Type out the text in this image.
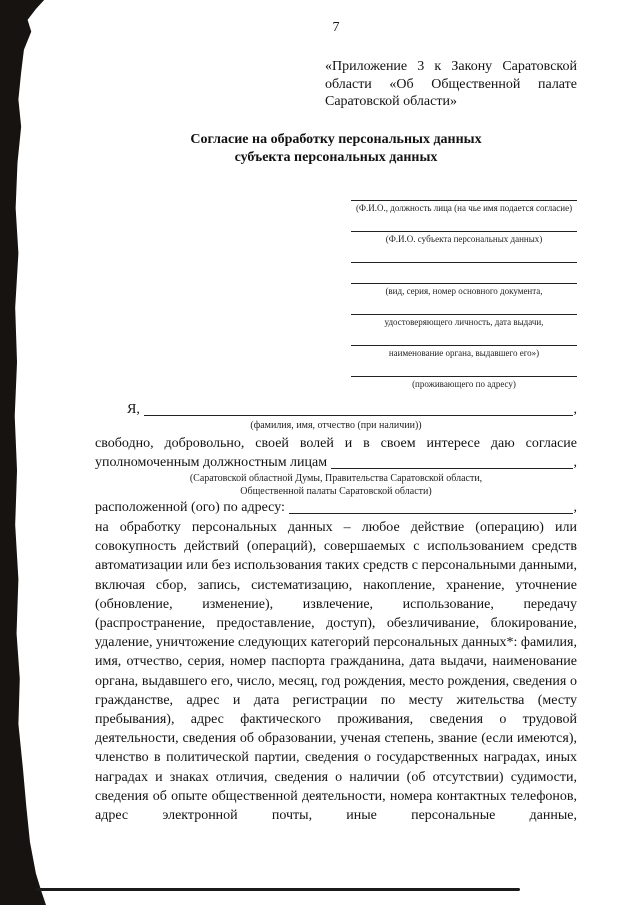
7
«Приложение 3 к Закону Саратовской области «Об Общественной палате Саратовской области»
Согласие на обработку персональных данных
субъекта персональных данных
(Ф.И.О., должность лица (на чье имя подается согласие)
(Ф.И.О. субъекта персональных данных)
(вид, серия, номер основного документа,
удостоверяющего личность, дата выдачи,
наименование органа, выдавшего его»)
(проживающего по адресу)
Я,	,
(фамилия, имя, отчество (при наличии))
свободно, добровольно, своей волей и в своем интересе даю согласие
уполномоченным должностным лицам	,
(Саратовской областной Думы, Правительства Саратовской области,
Общественной палаты Саратовской области)
расположенной (ого) по адресу:	,
на обработку персональных данных – любое действие (операцию) или совокупность действий (операций), совершаемых с использованием средств автоматизации или без использования таких средств с персональными данными, включая сбор, запись, систематизацию, накопление, хранение, уточнение (обновление, изменение), извлечение, использование, передачу (распространение, предоставление, доступ), обезличивание, блокирование, удаление, уничтожение следующих категорий персональных данных*: фамилия, имя, отчество, серия, номер паспорта гражданина, дата выдачи, наименование органа, выдавшего его, число, месяц, год рождения, место рождения, сведения о гражданстве, адрес и дата регистрации по месту жительства (месту пребывания), адрес фактического проживания, сведения о трудовой деятельности, сведения об образовании, ученая степень, звание (если имеются), членство в политической партии, сведения о государственных наградах, иных наградах и знаках отличия, сведения о наличии (об отсутствии) судимости, сведения об опыте общественной деятельности, номера контактных телефонов, адрес электронной почты, иные персональные данные,
